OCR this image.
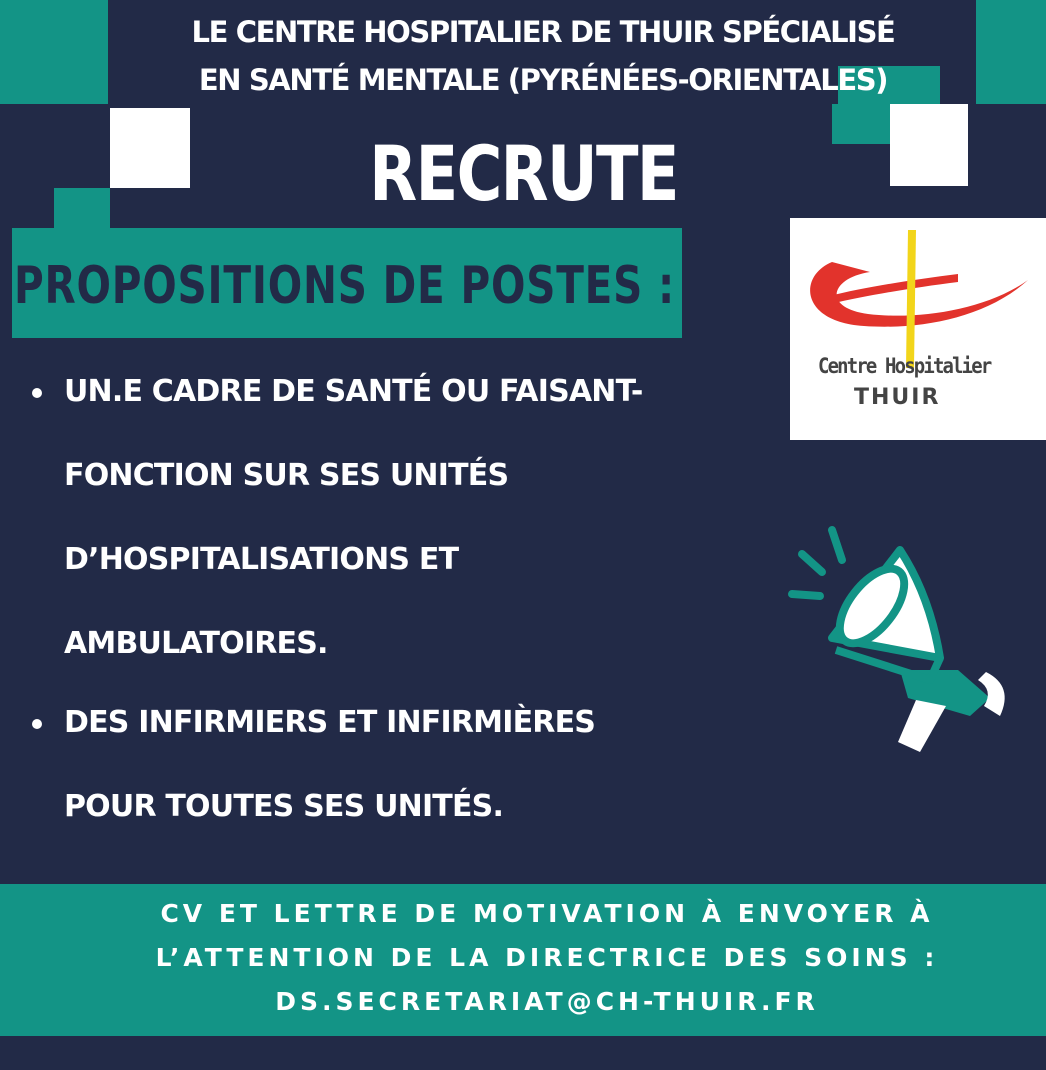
LE CENTRE HOSPITALIER DE THUIR SPÉCIALISÉ
EN SANTÉ MENTALE (PYRÉNÉES-ORIENTALES)
RECRUTE
PROPOSITIONS DE POSTES :
Centre Hospitalier
THUIR
UN.E CADRE DE SANTÉ OU FAISANT-
FONCTION SUR SES UNITÉS
D’HOSPITALISATIONS ET
AMBULATOIRES.
DES INFIRMIERS ET INFIRMIÈRES
POUR TOUTES SES UNITÉS.
CV ET LETTRE DE MOTIVATION À ENVOYER À
L’ATTENTION DE LA DIRECTRICE DES SOINS :
DS.SECRETARIAT@CH-THUIR.FR
